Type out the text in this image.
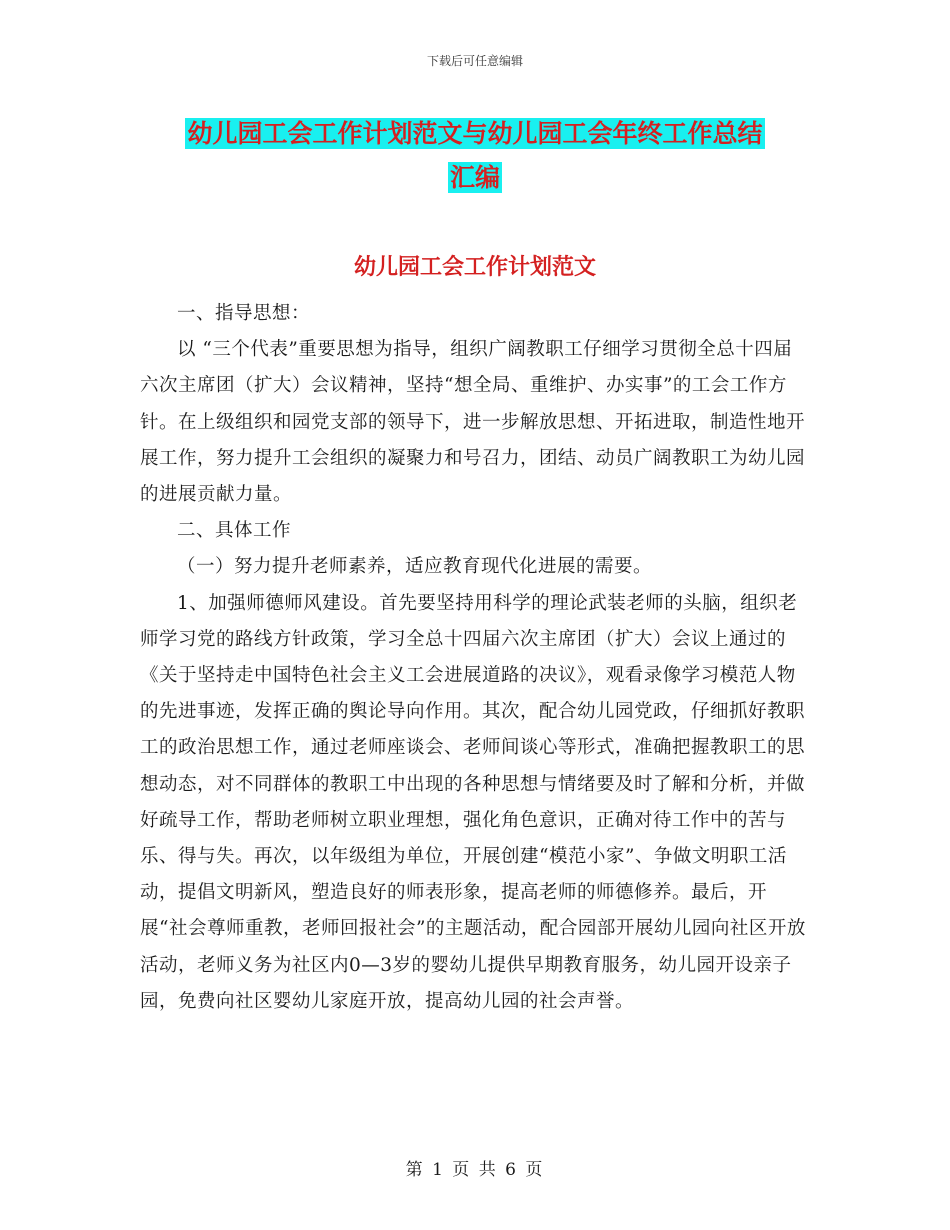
下载后可任意编辑
幼儿园工会工作计划范文与幼儿园工会年终工作总结
汇编
幼儿园工会工作计划范文

一、指导思想：

以 “三个代表”重要思想为指导，组织广阔教职工仔细学习贯彻全总十四届六次主席团（扩大）会议精神，坚持“想全局、重维护、办实事”的工会工作方针。在上级组织和园党支部的领导下，进一步解放思想、开拓进取，制造性地开展工作，努力提升工会组织的凝聚力和号召力，团结、动员广阔教职工为幼儿园的进展贡献力量。

二、具体工作

（一）努力提升老师素养，适应教育现代化进展的需要。

1、加强师德师风建设。首先要坚持用科学的理论武装老师的头脑，组织老师学习党的路线方针政策，学习全总十四届六次主席团（扩大）会议上通过的《关于坚持走中国特色社会主义工会进展道路的决议》，观看录像学习模范人物的先进事迹，发挥正确的舆论导向作用。其次，配合幼儿园党政，仔细抓好教职工的政治思想工作，通过老师座谈会、老师间谈心等形式，准确把握教职工的思想动态，对不同群体的教职工中出现的各种思想与情绪要及时了解和分析，并做好疏导工作，帮助老师树立职业理想，强化角色意识，正确对待工作中的苦与乐、得与失。再次，以年级组为单位，开展创建“模范小家”、争做文明职工活动，提倡文明新风，塑造良好的师表形象，提高老师的师德修养。最后，开展“社会尊师重教，老师回报社会”的主题活动，配合园部开展幼儿园向社区开放活动，老师义务为社区内0—3岁的婴幼儿提供早期教育服务，幼儿园开设亲子园，免费向社区婴幼儿家庭开放，提高幼儿园的社会声誉。

第 1 页 共 6 页
